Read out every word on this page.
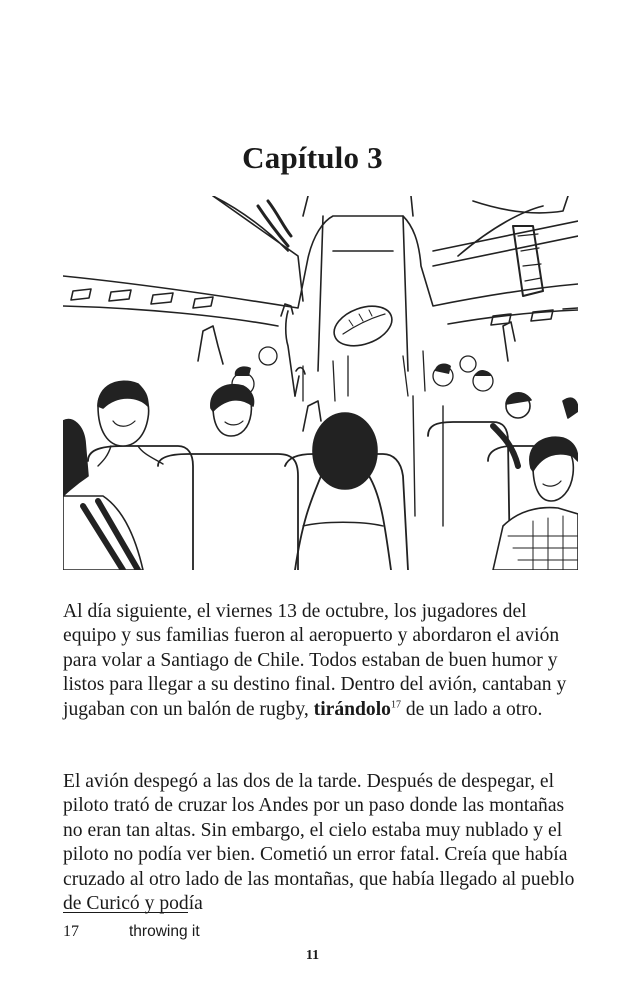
Capítulo 3

Al día siguiente, el viernes 13 de octubre, los jugadores del equipo y sus familias fueron al aeropuerto y abordaron el avión para volar a Santiago de Chile. Todos estaban de buen humor y listos para llegar a su destino final. Dentro del avión, cantaban y jugaban con un balón de rugby, tirándolo$^{17}$ de un lado a otro.

El avión despegó a las dos de la tarde. Después de despegar, el piloto trató de cruzar los Andes por un paso donde las montañas no eran tan altas. Sin embargo, el cielo estaba muy nublado y el piloto no podía ver bien. Cometió un error fatal. Creía que había cruzado al otro lado de las montañas, que había llegado al pueblo de Curicó y podía

17	throwing it
11
